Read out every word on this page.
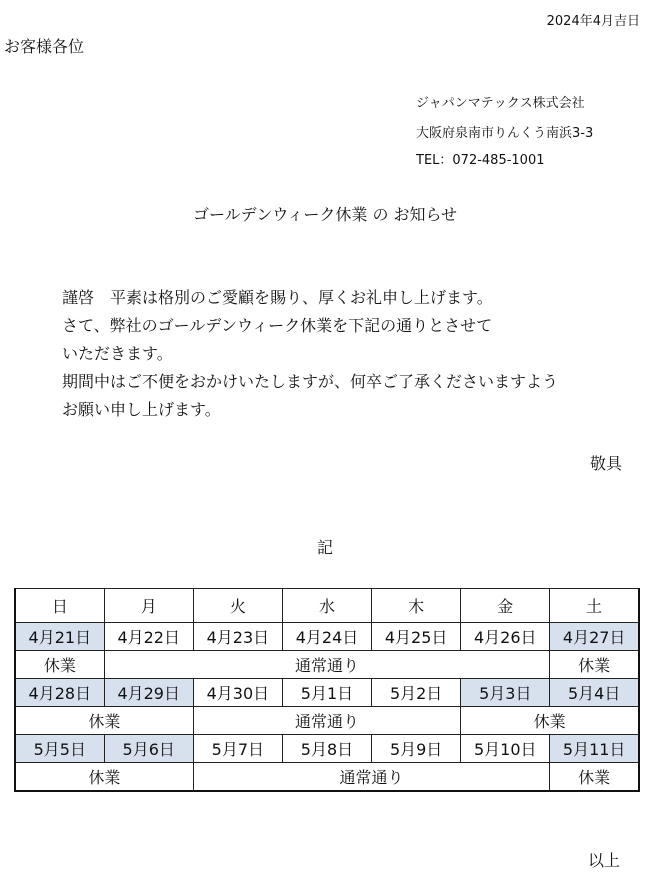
2024年4月吉日
お客様各位
ジャパンマテックス株式会社
大阪府泉南市りんくう南浜3-3
TEL：072-485-1001
ゴールデンウィーク休業 の お知らせ
謹啓　平素は格別のご愛顧を賜り、厚くお礼申し上げます。
さて、弊社のゴールデンウィーク休業を下記の通りとさせて
いただきます。
期間中はご不便をおかけいたしますが、何卒ご了承くださいますよう
お願い申し上げます。
敬具
記
日	月	火	水	木	金	土
4月21日	4月22日	4月23日	4月24日	4月25日	4月26日	4月27日
休業	通常通り					休業
4月28日	4月29日	4月30日	5月1日	5月2日	5月3日	5月4日
休業		通常通り			休業	
5月5日	5月6日	5月7日	5月8日	5月9日	5月10日	5月11日
休業		通常通り				休業
以上
